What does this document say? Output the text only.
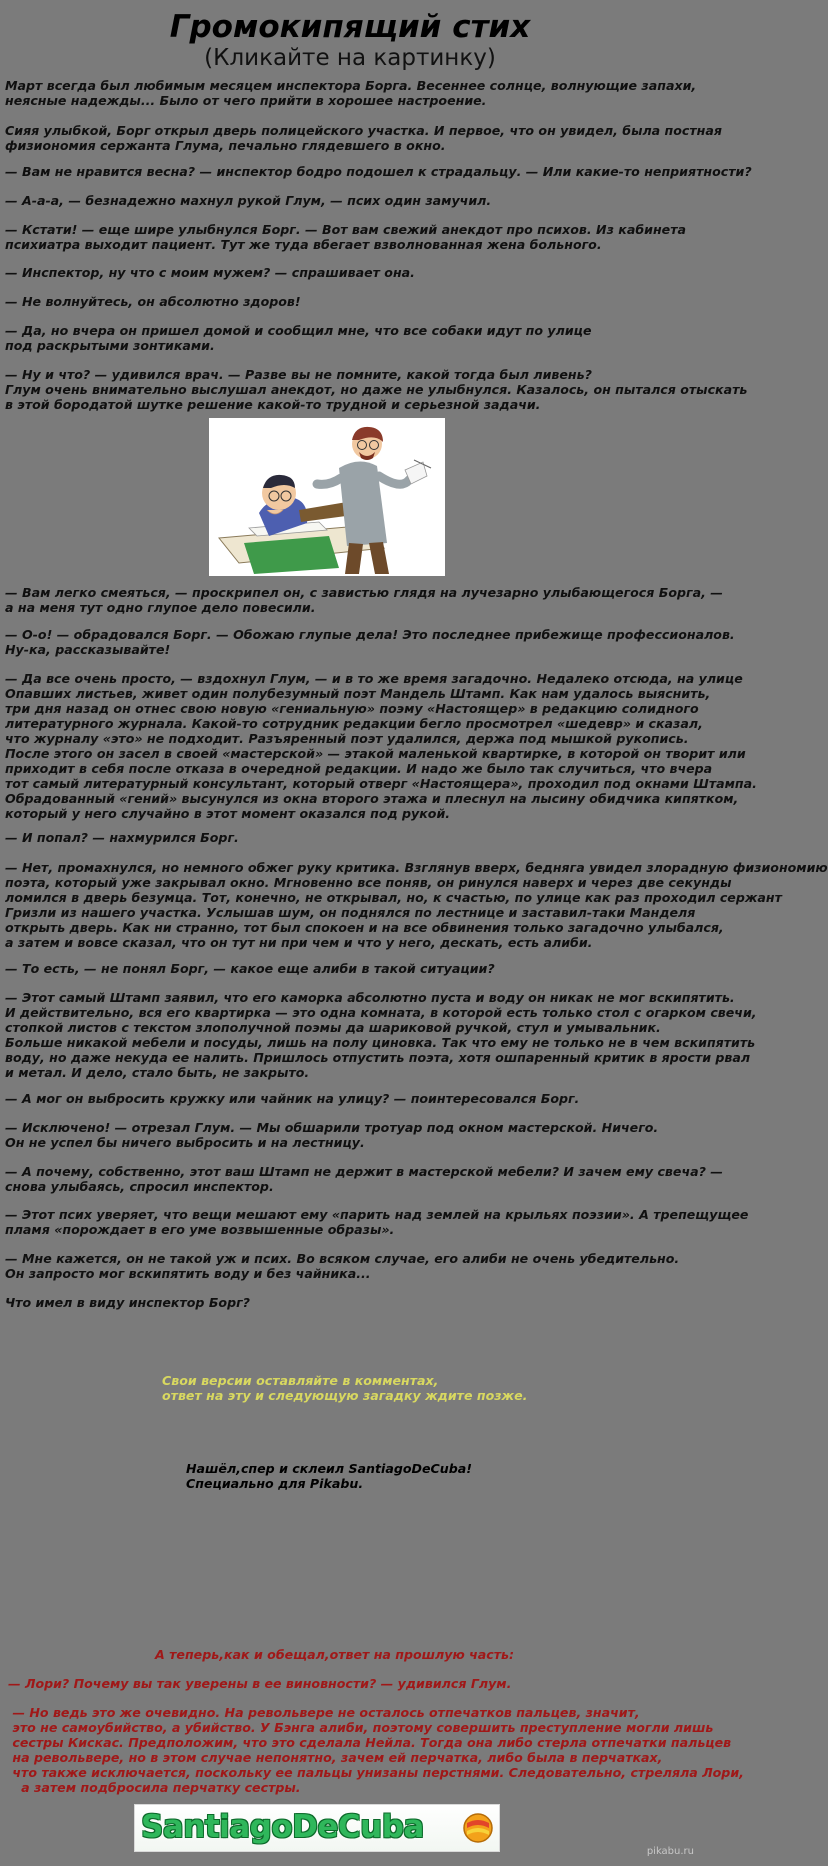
Громокипящий стих
(Кликайте на картинку)
Март всегда был любимым месяцем инспектора Борга. Весеннее солнце, волнующие запахи,
неясные надежды... Было от чего прийти в хорошее настроение.
Сияя улыбкой, Борг открыл дверь полицейского участка. И первое, что он увидел, была постная
физиономия сержанта Глума, печально глядевшего в окно.
— Вам не нравится весна? — инспектор бодро подошел к страдальцу. — Или какие-то неприятности?
— А-а-а, — безнадежно махнул рукой Глум, — псих один замучил.
— Кстати! — еще шире улыбнулся Борг. — Вот вам свежий анекдот про психов. Из кабинета
психиатра выходит пациент. Тут же туда вбегает взволнованная жена больного.
— Инспектор, ну что с моим мужем? — спрашивает она.
— Не волнуйтесь, он абсолютно здоров!
— Да, но вчера он пришел домой и сообщил мне, что все собаки идут по улице
под раскрытыми зонтиками.
— Ну и что? — удивился врач. — Разве вы не помните, какой тогда был ливень?
Глум очень внимательно выслушал анекдот, но даже не улыбнулся. Казалось, он пытался отыскать
в этой бородатой шутке решение какой-то трудной и серьезной задачи.
— Вам легко смеяться, — проскрипел он, с завистью глядя на лучезарно улыбающегося Борга, —
а на меня тут одно глупое дело повесили.
— О-о! — обрадовался Борг. — Обожаю глупые дела! Это последнее прибежище профессионалов.
Ну-ка, рассказывайте!
— Да все очень просто, — вздохнул Глум, — и в то же время загадочно. Недалеко отсюда, на улице
Опавших листьев, живет один полубезумный поэт Мандель Штамп. Как нам удалось выяснить,
три дня назад он отнес свою новую «гениальную» поэму «Настоящер» в редакцию солидного
литературного журнала. Какой-то сотрудник редакции бегло просмотрел «шедевр» и сказал,
что журналу «это» не подходит. Разъяренный поэт удалился, держа под мышкой рукопись.
После этого он засел в своей «мастерской» — этакой маленькой квартирке, в которой он творит или
приходит в себя после отказа в очередной редакции. И надо же было так случиться, что вчера
тот самый литературный консультант, который отверг «Настоящера», проходил под окнами Штампа.
Обрадованный «гений» высунулся из окна второго этажа и плеснул на лысину обидчика кипятком,
который у него случайно в этот момент оказался под рукой.
— И попал? — нахмурился Борг.
— Нет, промахнулся, но немного обжег руку критика. Взглянув вверх, бедняга увидел злорадную физиономию
поэта, который уже закрывал окно. Мгновенно все поняв, он ринулся наверх и через две секунды
ломился в дверь безумца. Тот, конечно, не открывал, но, к счастью, по улице как раз проходил сержант
Гризли из нашего участка. Услышав шум, он поднялся по лестнице и заставил-таки Манделя
открыть дверь. Как ни странно, тот был спокоен и на все обвинения только загадочно улыбался,
а затем и вовсе сказал, что он тут ни при чем и что у него, дескать, есть алиби.
— То есть, — не понял Борг, — какое еще алиби в такой ситуации?
— Этот самый Штамп заявил, что его каморка абсолютно пуста и воду он никак не мог вскипятить.
И действительно, вся его квартирка — это одна комната, в которой есть только стол с огарком свечи,
стопкой листов с текстом злополучной поэмы да шариковой ручкой, стул и умывальник.
Больше никакой мебели и посуды, лишь на полу циновка. Так что ему не только не в чем вскипятить
воду, но даже некуда ее налить. Пришлось отпустить поэта, хотя ошпаренный критик в ярости рвал
и метал. И дело, стало быть, не закрыто.
— А мог он выбросить кружку или чайник на улицу? — поинтересовался Борг.
— Исключено! — отрезал Глум. — Мы обшарили тротуар под окном мастерской. Ничего.
Он не успел бы ничего выбросить и на лестницу.
— А почему, собственно, этот ваш Штамп не держит в мастерской мебели? И зачем ему свеча? —
снова улыбаясь, спросил инспектор.
— Этот псих уверяет, что вещи мешают ему «парить над землей на крыльях поэзии». А трепещущее
пламя «порождает в его уме возвышенные образы».
— Мне кажется, он не такой уж и псих. Во всяком случае, его алиби не очень убедительно.
Он запросто мог вскипятить воду и без чайника...
Что имел в виду инспектор Борг?
Свои версии оставляйте в комментах,
ответ на эту и следующую загадку ждите позже.
Нашёл,спер и склеил SantiagoDeCuba!
Специально для Pikabu.
А теперь,как и обещал,ответ на прошлую часть:
— Лори? Почему вы так уверены в ее виновности? — удивился Глум.
— Но ведь это же очевидно. На револьвере не осталось отпечатков пальцев, значит,
это не самоубийство, а убийство. У Бэнга алиби, поэтому совершить преступление могли лишь
сестры Кискас. Предположим, что это сделала Нейла. Тогда она либо стерла отпечатки пальцев
на револьвере, но в этом случае непонятно, зачем ей перчатка, либо была в перчатках,
что также исключается, поскольку ее пальцы унизаны перстнями. Следовательно, стреляла Лори,
а затем подбросила перчатку сестры.
SantiagoDeCuba
pikabu.ru
